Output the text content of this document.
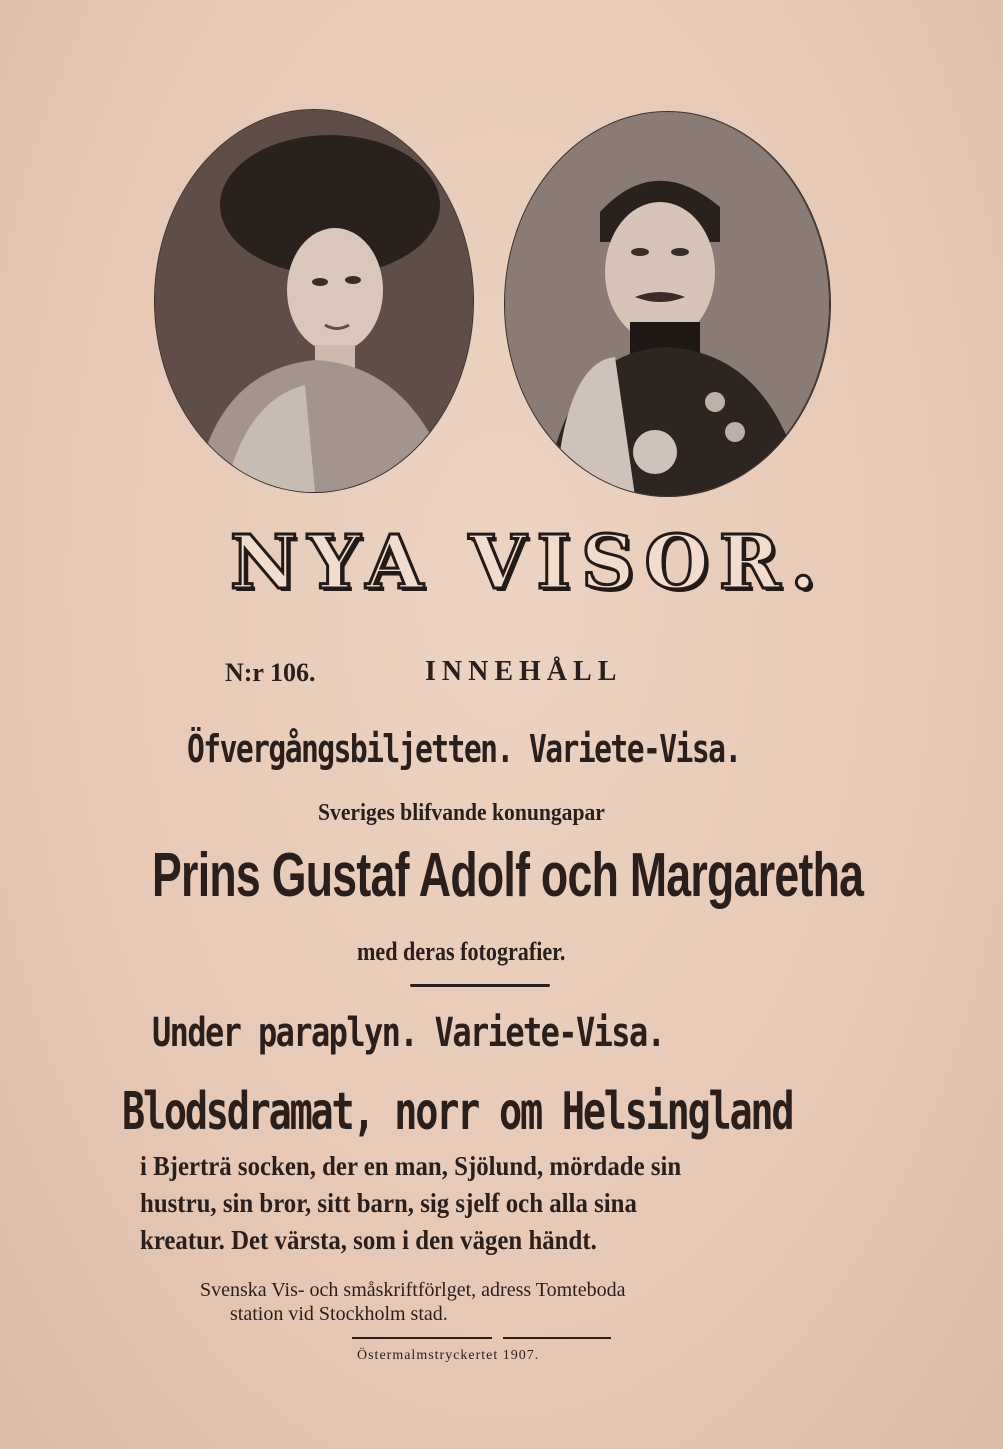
NYA VISOR.
N:r 106.	INNEHÅLL
Öfvergångsbiljetten. Variete-Visa.
Sveriges blifvande konungapar
Prins Gustaf Adolf och Margaretha
med deras fotografier.
Under paraplyn. Variete-Visa.
Blodsdramat, norr om Helsingland
i Bjerträ socken, der en man, Sjölund, mördade sin
hustru, sin bror, sitt barn, sig sjelf och alla sina
kreatur. Det värsta, som i den vägen händt.
Svenska Vis- och småskriftförlget, adress Tomteboda
station vid Stockholm stad.
Östermalmstryckertet 1907.
